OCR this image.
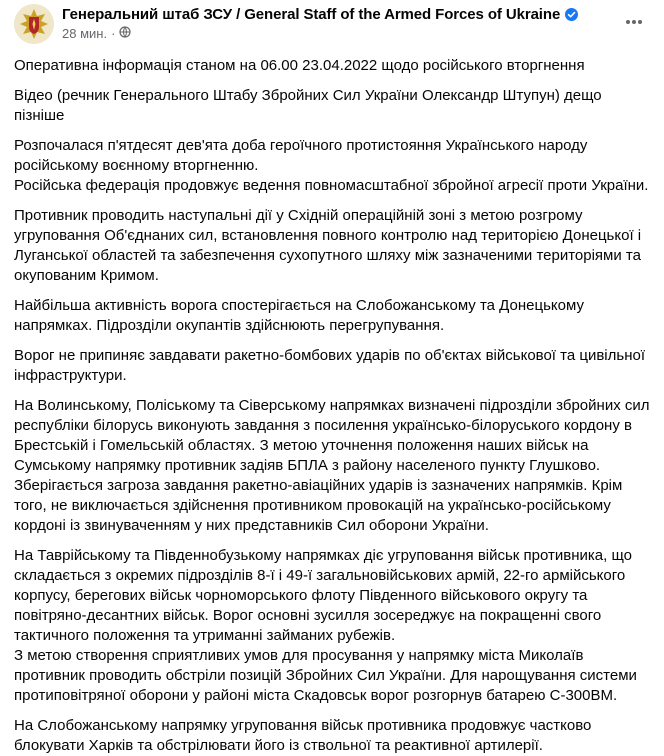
Генеральний штаб ЗСУ / General Staff of the Armed Forces of Ukraine
28 мин. ·
Оперативна інформація станом на 06.00 23.04.2022 щодо російського вторгнення
Відео (речник Генерального Штабу Збройних Сил України Олександр Штупун) дещо пізніше
Розпочалася п'ятдесят дев'ята доба героїчного протистояння Українського народу російському воєнному вторгненню.
Російська федерація продовжує ведення повномасштабної збройної агресії проти України.
Противник проводить наступальні дії у Східній операційній зоні з метою розгрому угруповання Об'єднаних сил, встановлення повного контролю над територією Донецької і Луганської областей та забезпечення сухопутного шляху між зазначеними територіями та окупованим Кримом.
Найбільша активність ворога спостерігається на Слобожанському та Донецькому напрямках. Підрозділи окупантів здійснюють перегрупування.
Ворог не припиняє завдавати ракетно-бомбових ударів по об'єктах військової та цивільної інфраструктури.
На Волинському, Поліському та Сіверському напрямках визначені підрозділи збройних сил республіки білорусь виконують завдання з посилення українсько-білоруського кордону в Брестській і Гомельській областях. З метою уточнення положення наших військ на Сумському напрямку противник задіяв БПЛА з району населеного пункту Глушково. Зберігається загроза завдання ракетно-авіаційних ударів із зазначених напрямків. Крім того, не виключається здійснення противником провокацій на українсько-російському кордоні із звинуваченням у них представників Сил оборони України.
На Таврійському та Південнобузькому напрямках діє угруповання військ противника, що складається з окремих підрозділів 8-ї і 49-ї загальновійськових армій, 22-го армійського корпусу, берегових військ чорноморського флоту Південного військового округу та повітряно-десантних військ. Ворог основні зусилля зосереджує на покращенні свого тактичного положення та утриманні займаних рубежів.
З метою створення сприятливих умов для просування у напрямку міста Миколаїв противник проводить обстріли позицій Збройних Сил України. Для нарощування системи протиповітряної оборони у районі міста Скадовськ ворог розгорнув батарею С-300ВМ.
На Слобожанському напрямку угруповання військ противника продовжує частково блокувати Харків та обстрілювати його із ствольної та реактивної артилерії.
